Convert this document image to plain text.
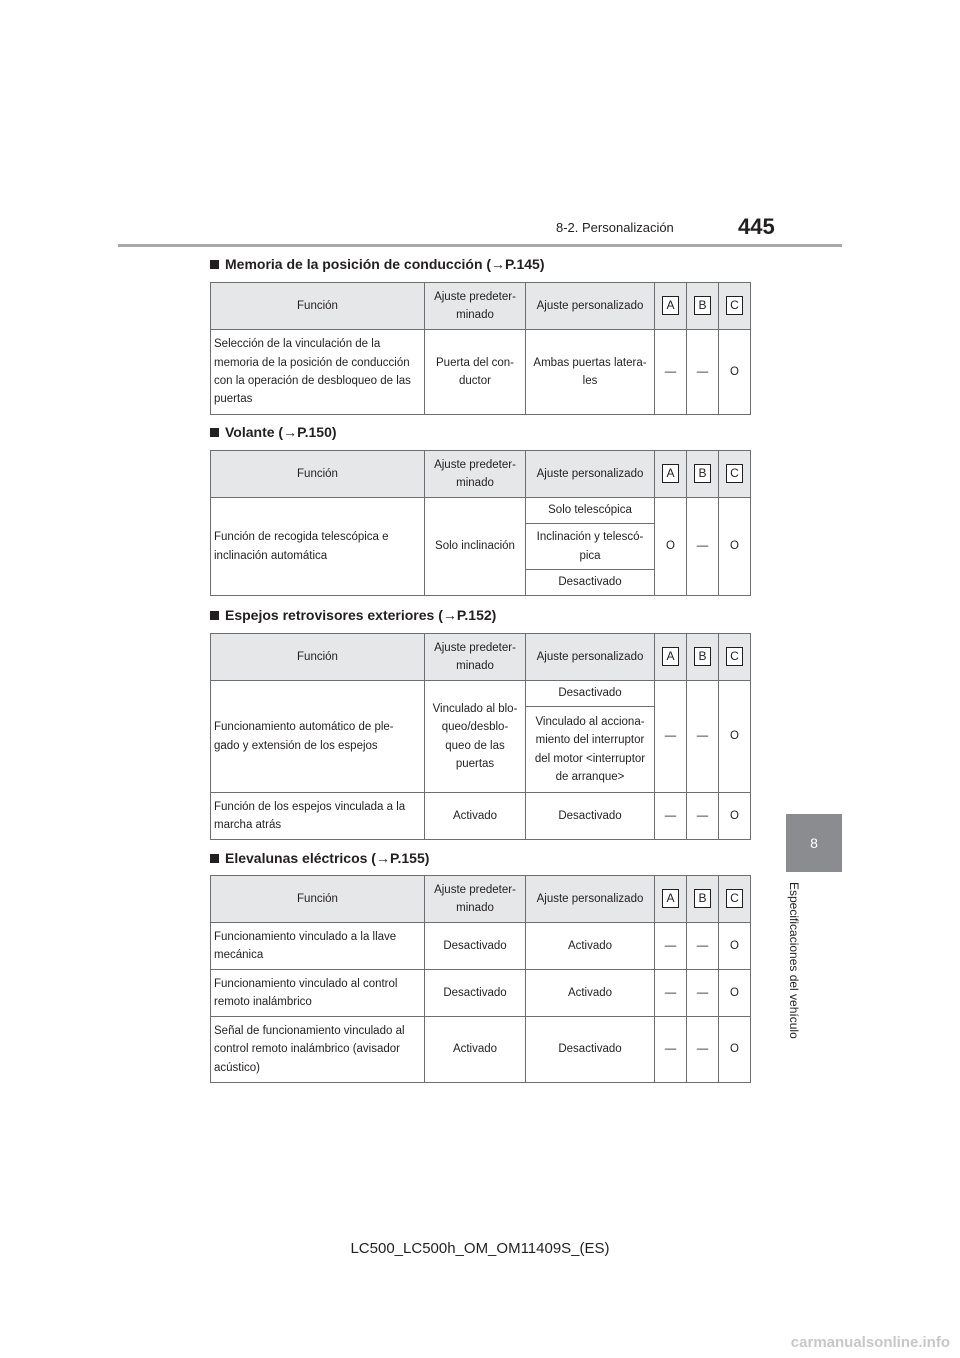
8-2. Personalización	445
8
Especificaciones del vehículo
Memoria de la posición de conducción (→P.145)
Función	Ajuste predeter-
minado	Ajuste personalizado	A	B	C
Selección de la vinculación de la
memoria de la posición de conducción
con la operación de desbloqueo de las
puertas	Puerta del con-
ductor	Ambas puertas latera-
les	—	—	O
Volante (→P.150)
Función	Ajuste predeter-
minado	Ajuste personalizado	A	B	C
Función de recogida telescópica e
inclinación automática	Solo inclinación	Solo telescópica	O	—	O
		Inclinación y telescó-
pica			
		Desactivado			
Espejos retrovisores exteriores (→P.152)
Función	Ajuste predeter-
minado	Ajuste personalizado	A	B	C
Funcionamiento automático de ple-
gado y extensión de los espejos	Vinculado al blo-
queo/desblo-
queo de las
puertas	Desactivado	—	—	O
		Vinculado al acciona-
miento del interruptor
del motor <interruptor
de arranque>			
Función de los espejos vinculada a la
marcha atrás	Activado	Desactivado	—	—	O
Elevalunas eléctricos (→P.155)
Función	Ajuste predeter-
minado	Ajuste personalizado	A	B	C
Funcionamiento vinculado a la llave
mecánica	Desactivado	Activado	—	—	O
Funcionamiento vinculado al control
remoto inalámbrico	Desactivado	Activado	—	—	O
Señal de funcionamiento vinculado al
control remoto inalámbrico (avisador
acústico)	Activado	Desactivado	—	—	O
LC500_LC500h_OM_OM11409S_(ES)
carmanualsonline.info
